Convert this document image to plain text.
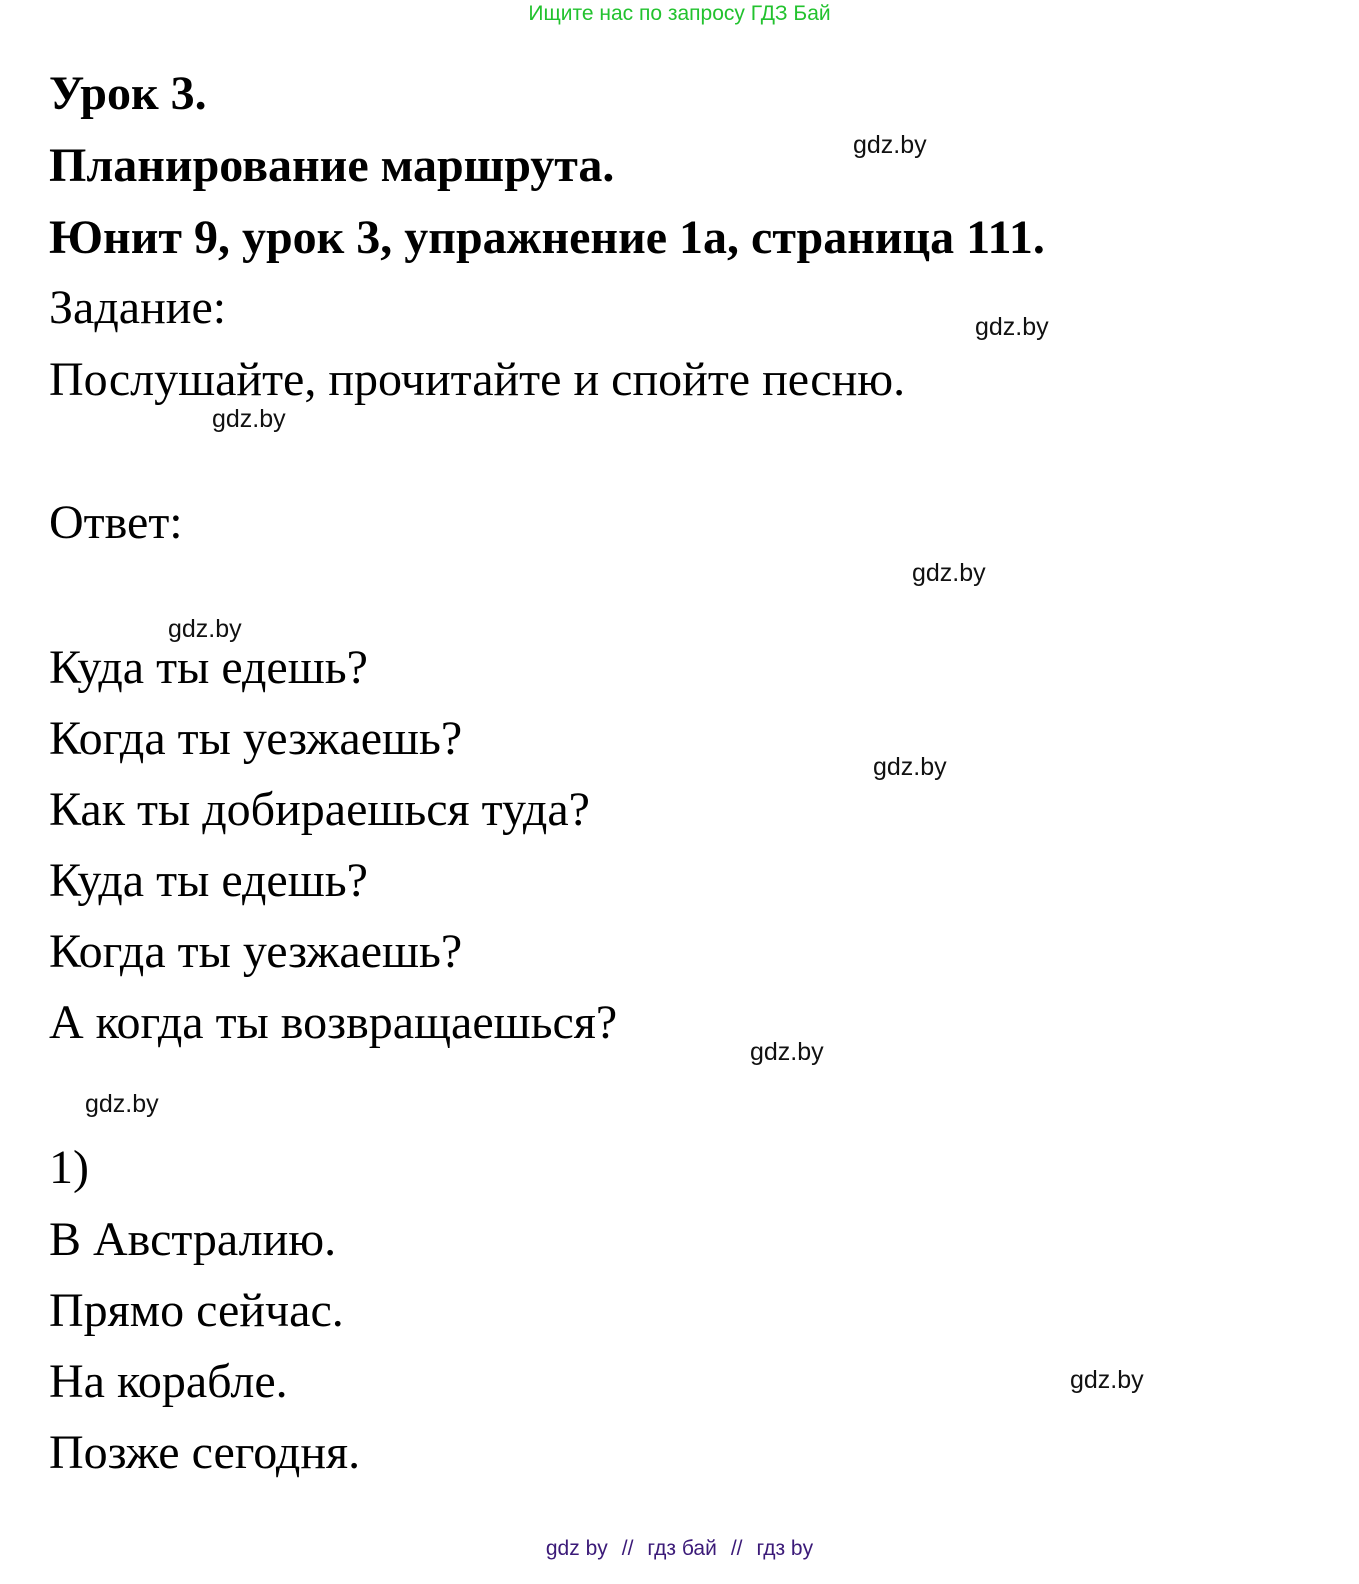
Ищите нас по запросу ГДЗ Бай
Урок 3.
Планирование маршрута.
Юнит 9, урок 3, упражнение 1а, страница 111.
Задание:
Послушайте, прочитайте и спойте песню.
Ответ:
Куда ты едешь?
Когда ты уезжаешь?
Как ты добираешься туда?
Куда ты едешь?
Когда ты уезжаешь?
А когда ты возвращаешься?
1)
В Австралию.
Прямо сейчас.
На корабле.
Позже сегодня.
gdz.by
gdz.by
gdz.by
gdz.by
gdz.by
gdz.by
gdz.by
gdz.by
gdz.by
gdz by // гдз бай // гдз by
